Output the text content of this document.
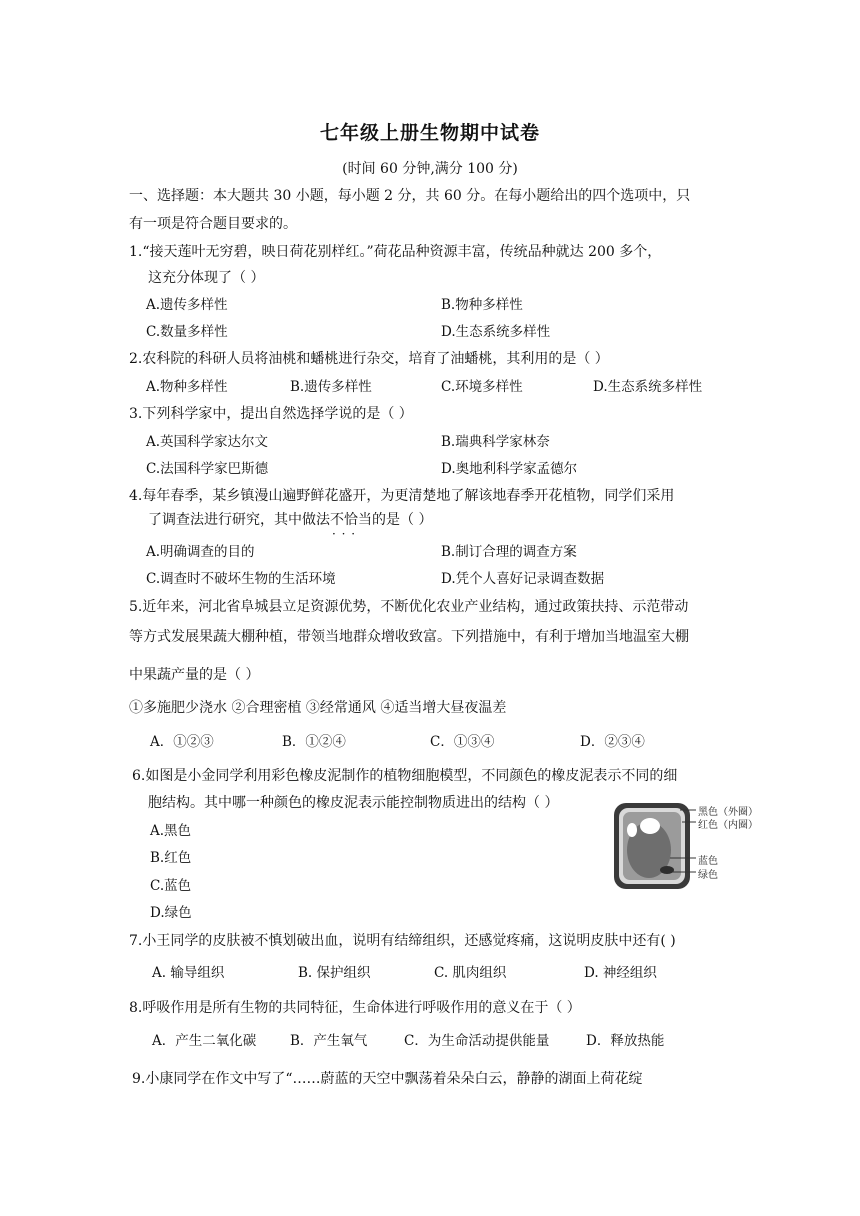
七年级上册生物期中试卷
(时间 60 分钟,满分 100 分)
一、选择题：本大题共 30 小题，每小题 2 分，共 60 分。在每小题给出的四个选项中，只
有一项是符合题目要求的。
1.“接天莲叶无穷碧，映日荷花别样红。”荷花品种资源丰富，传统品种就达 200 多个，
这充分体现了（ ）
A.遗传多样性	B.物种多样性
C.数量多样性	D.生态系统多样性
2.农科院的科研人员将油桃和蟠桃进行杂交，培育了油蟠桃，其利用的是（ ）
A.物种多样性	B.遗传多样性	C.环境多样性	D.生态系统多样性
3.下列科学家中，提出自然选择学说的是（ ）
A.英国科学家达尔文	B.瑞典科学家林奈
C.法国科学家巴斯德	D.奥地利科学家孟德尔
4.每年春季，某乡镇漫山遍野鲜花盛开，为更清楚地了解该地春季开花植物，同学们采用
了调查法进行研究，其中做法不恰当 · · ·的是（ ）
A.明确调查的目的	B.制订合理的调查方案
C.调查时不破坏生物的生活环境	D.凭个人喜好记录调查数据
5.近年来，河北省阜城县立足资源优势，不断优化农业产业结构，通过政策扶持、示范带动
等方式发展果蔬大棚种植，带领当地群众增收致富。下列措施中，有利于增加当地温室大棚
中果蔬产量的是（ ）
①多施肥少浇水 ②合理密植 ③经常通风 ④适当增大昼夜温差
A．①②③	B．①②④	C．①③④	D．②③④
6.如图是小金同学利用彩色橡皮泥制作的植物细胞模型，不同颜色的橡皮泥表示不同的细
胞结构。其中哪一种颜色的橡皮泥表示能控制物质进出的结构（ ）
A.黑色
B.红色
C.蓝色
D.绿色
黑色（外圈）
红色（内圈）
蓝色
绿色
7.小王同学的皮肤被不慎划破出血，说明有结缔组织，还感觉疼痛，这说明皮肤中还有( )
A. 输导组织	B. 保护组织	C. 肌肉组织	D. 神经组织
8.呼吸作用是所有生物的共同特征，生命体进行呼吸作用的意义在于（ ）
A．产生二氧化碳	B．产生氧气	C．为生命活动提供能量	D．释放热能
9.小康同学在作文中写了“……蔚蓝的天空中飘荡着朵朵白云，静静的湖面上荷花绽
